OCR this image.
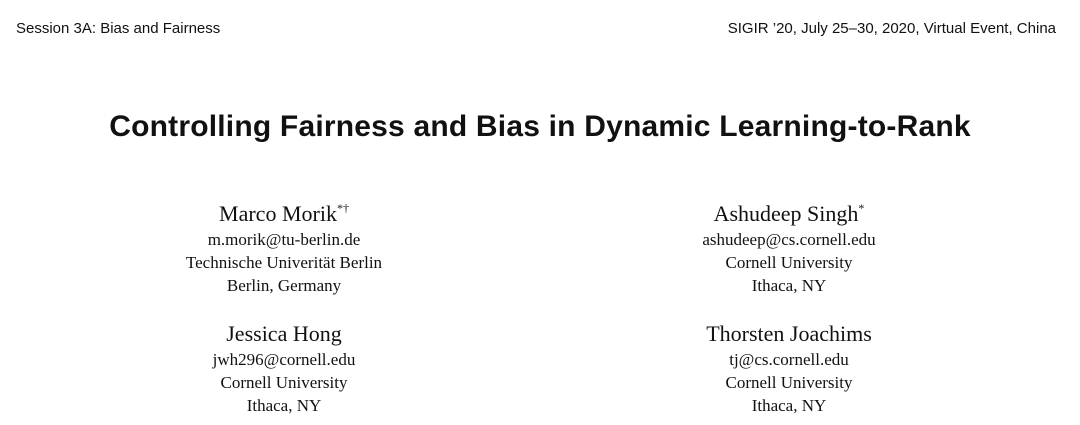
Session 3A: Bias and Fairness	SIGIR ’20, July 25–30, 2020, Virtual Event, China
Controlling Fairness and Bias in Dynamic Learning-to-Rank
Marco Morik*†
m.morik@tu-berlin.de
Technische Univerität Berlin
Berlin, Germany
Ashudeep Singh*
ashudeep@cs.cornell.edu
Cornell University
Ithaca, NY
Jessica Hong
jwh296@cornell.edu
Cornell University
Ithaca, NY
Thorsten Joachims
tj@cs.cornell.edu
Cornell University
Ithaca, NY
